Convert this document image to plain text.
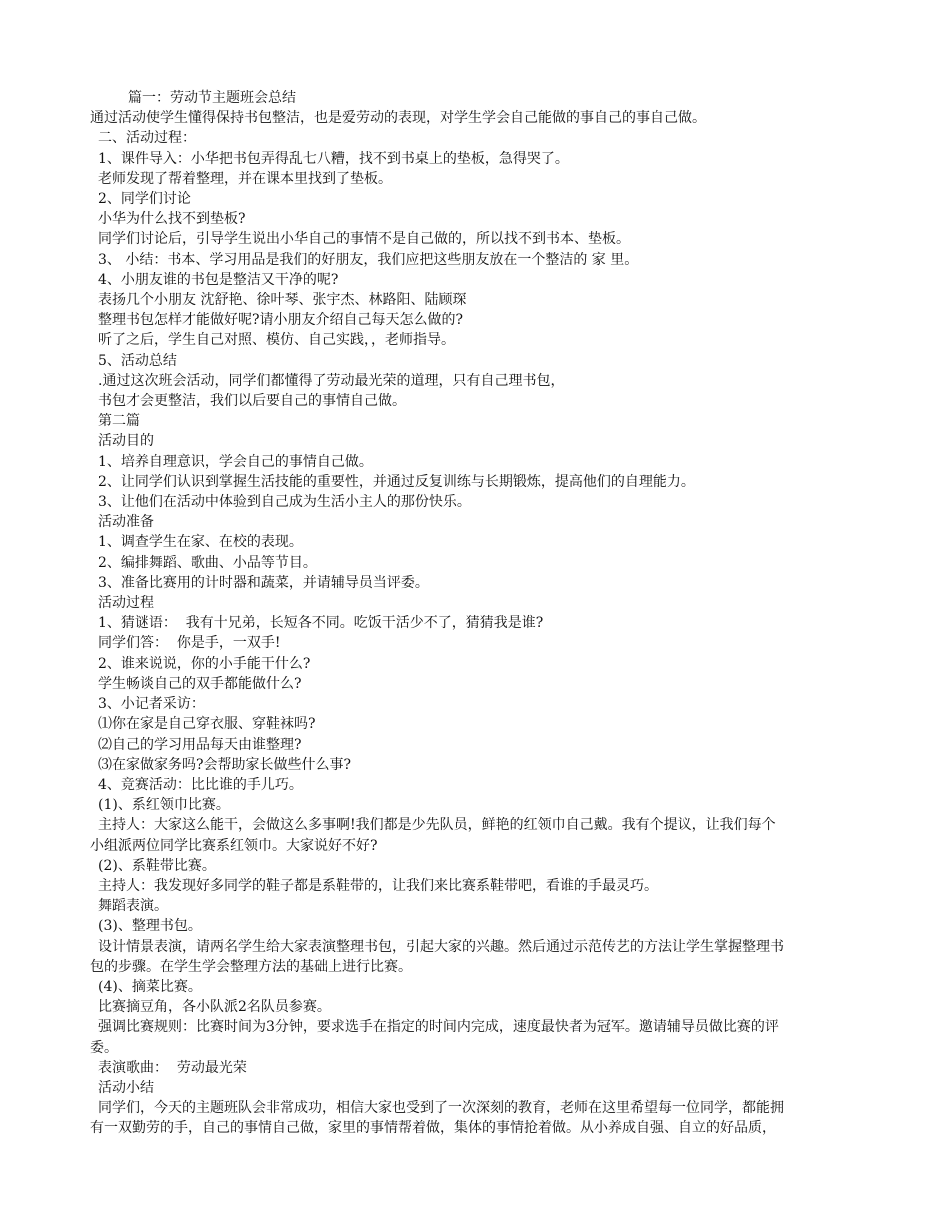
篇一：劳动节主题班会总结

通过活动使学生懂得保持书包整洁，也是爱劳动的表现，对学生学会自己能做的事自己的事自己做。

二、活动过程：

1、课件导入：小华把书包弄得乱七八糟，找不到书桌上的垫板，急得哭了。

老师发现了帮着整理，并在课本里找到了垫板。

2、同学们讨论

小华为什么找不到垫板?

同学们讨论后，引导学生说出小华自己的事情不是自己做的，所以找不到书本、垫板。

3、 小结：书本、学习用品是我们的好朋友，我们应把这些朋友放在一个整洁的 家 里。

4、小朋友谁的书包是整洁又干净的呢?

表扬几个小朋友 沈舒艳、徐叶琴、张宇杰、林路阳、陆顾琛

整理书包怎样才能做好呢?请小朋友介绍自己每天怎么做的?

听了之后，学生自己对照、模仿、自己实践，，老师指导。

5、活动总结

.通过这次班会活动，同学们都懂得了劳动最光荣的道理，只有自己理书包，

书包才会更整洁，我们以后要自己的事情自己做。

第二篇

活动目的

1、培养自理意识，学会自己的事情自己做。

2、让同学们认识到掌握生活技能的重要性，并通过反复训练与长期锻炼，提高他们的自理能力。

3、让他们在活动中体验到自己成为生活小主人的那份快乐。

活动准备

1、调查学生在家、在校的表现。

2、编排舞蹈、歌曲、小品等节目。

3、准备比赛用的计时器和蔬菜，并请辅导员当评委。

活动过程

1、猜谜语：  我有十兄弟，长短各不同。吃饭干活少不了，猜猜我是谁?

同学们答：  你是手，一双手!

2、谁来说说，你的小手能干什么?

学生畅谈自己的双手都能做什么?

3、小记者采访：

⑴你在家是自己穿衣服、穿鞋袜吗?

⑵自己的学习用品每天由谁整理?

⑶在家做家务吗?会帮助家长做些什么事?

4、竞赛活动：比比谁的手儿巧。

(1)、系红领巾比赛。

主持人：大家这么能干，会做这么多事啊!我们都是少先队员，鲜艳的红领巾自己戴。我有个提议，让我们每个

小组派两位同学比赛系红领巾。大家说好不好?

(2)、系鞋带比赛。

主持人：我发现好多同学的鞋子都是系鞋带的，让我们来比赛系鞋带吧，看谁的手最灵巧。

舞蹈表演。

(3)、整理书包。

设计情景表演，请两名学生给大家表演整理书包，引起大家的兴趣。然后通过示范传艺的方法让学生掌握整理书

包的步骤。在学生学会整理方法的基础上进行比赛。

(4)、摘菜比赛。

比赛摘豆角，各小队派2名队员参赛。

强调比赛规则：比赛时间为3分钟，要求选手在指定的时间内完成，速度最快者为冠军。邀请辅导员做比赛的评

委。

表演歌曲：  劳动最光荣

活动小结

同学们，今天的主题班队会非常成功，相信大家也受到了一次深刻的教育，老师在这里希望每一位同学，都能拥

有一双勤劳的手，自己的事情自己做，家里的事情帮着做，集体的事情抢着做。从小养成自强、自立的好品质，
